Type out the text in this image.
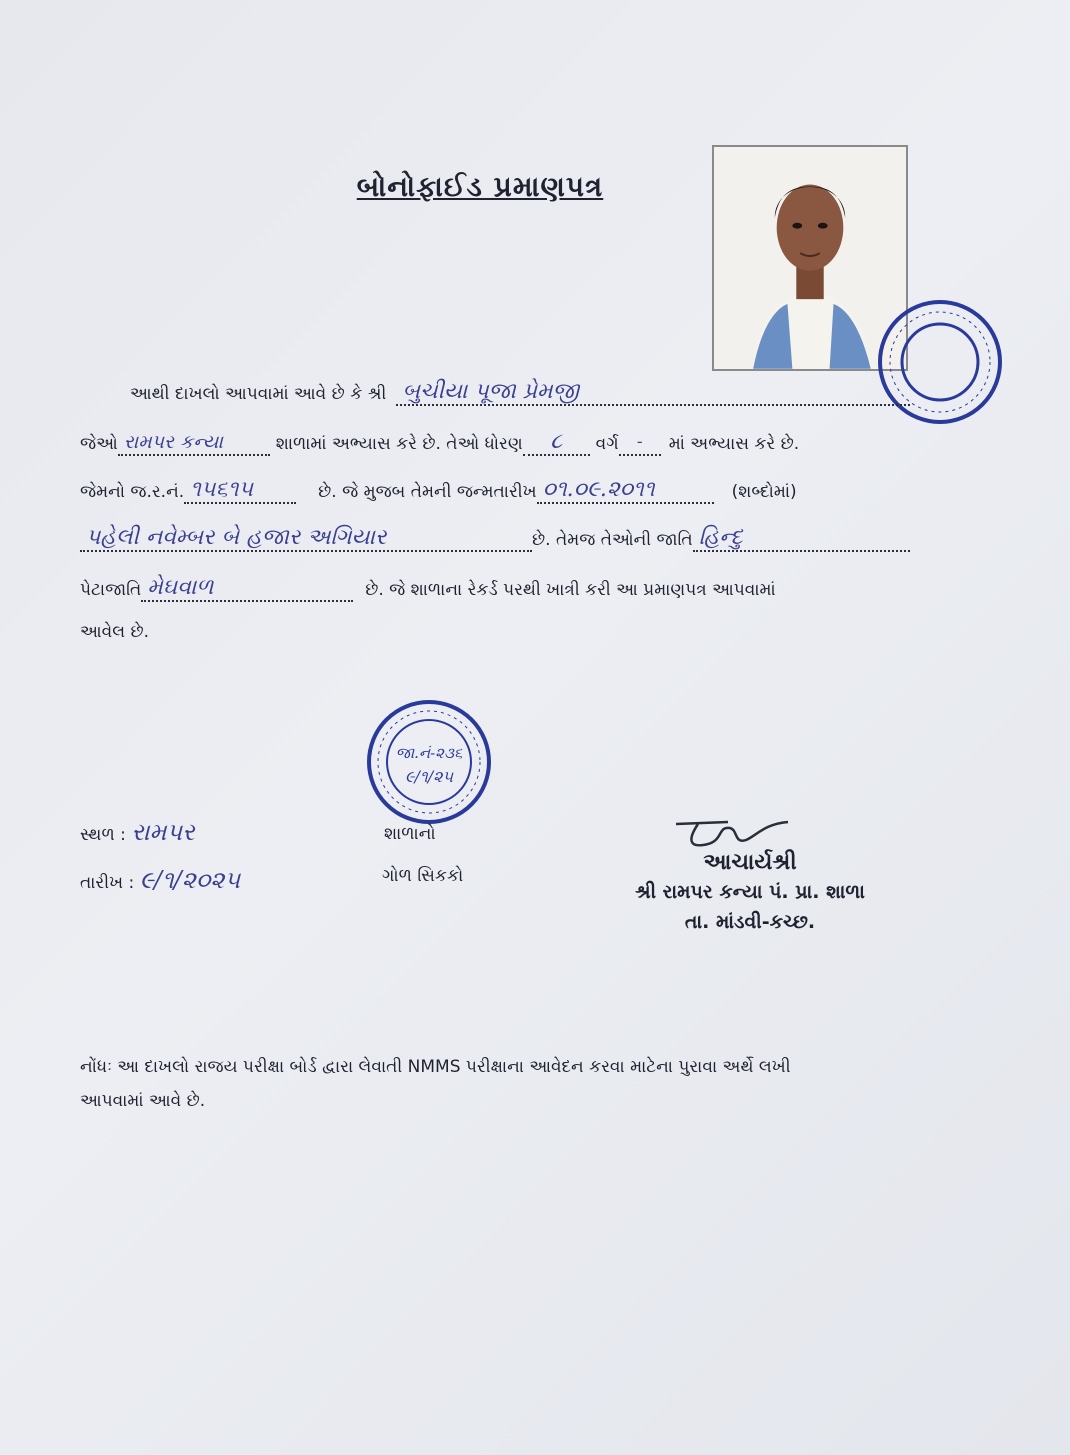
બોનોફાઈડ પ્રમાણપત્ર
આથી દાખલો આપવામાં આવે છે કે શ્રી બુચીયા પૂજા પ્રેમજી
જેઓ રામપર કન્યા	શાળામાં અભ્યાસ કરે છે. તેઓ ધોરણ	૮	વર્ગ	-	માં અભ્યાસ કરે છે.
જેમનો જ.ર.નં. ૧૫૬૧૫	છે. જે મુજબ તેમની જન્મતારીખ ૦૧.૦૯.૨૦૧૧	(શબ્દોમાં)
પહેલી નવેમ્બર બે હજાર અગિયાર	છે. તેમજ તેઓની જાતિ હિન્દુ
પેટાજાતિ મેઘવાળ	છે. જે શાળાના રેકર્ડ પરથી ખાત્રી કરી આ પ્રમાણપત્ર આપવામાં
આવેલ છે.
જા.નં-૨૩૬
૯/૧/૨૫
સ્થળ : રામપર
તારીખ : ૯/૧/૨૦૨૫
શાળાનો
ગોળ સિકકો
આચાર્યશ્રી
શ્રી રામપર કન્યા પં. પ્રા. શાળા
તા. માંડવી-કચ્છ.
નોંધઃ આ દાખલો રાજય પરીક્ષા બોર્ડ દ્વારા લેવાતી NMMS પરીક્ષાના આવેદન કરવા માટેના પુરાવા અર્થે લખી
આપવામાં આવે છે.
